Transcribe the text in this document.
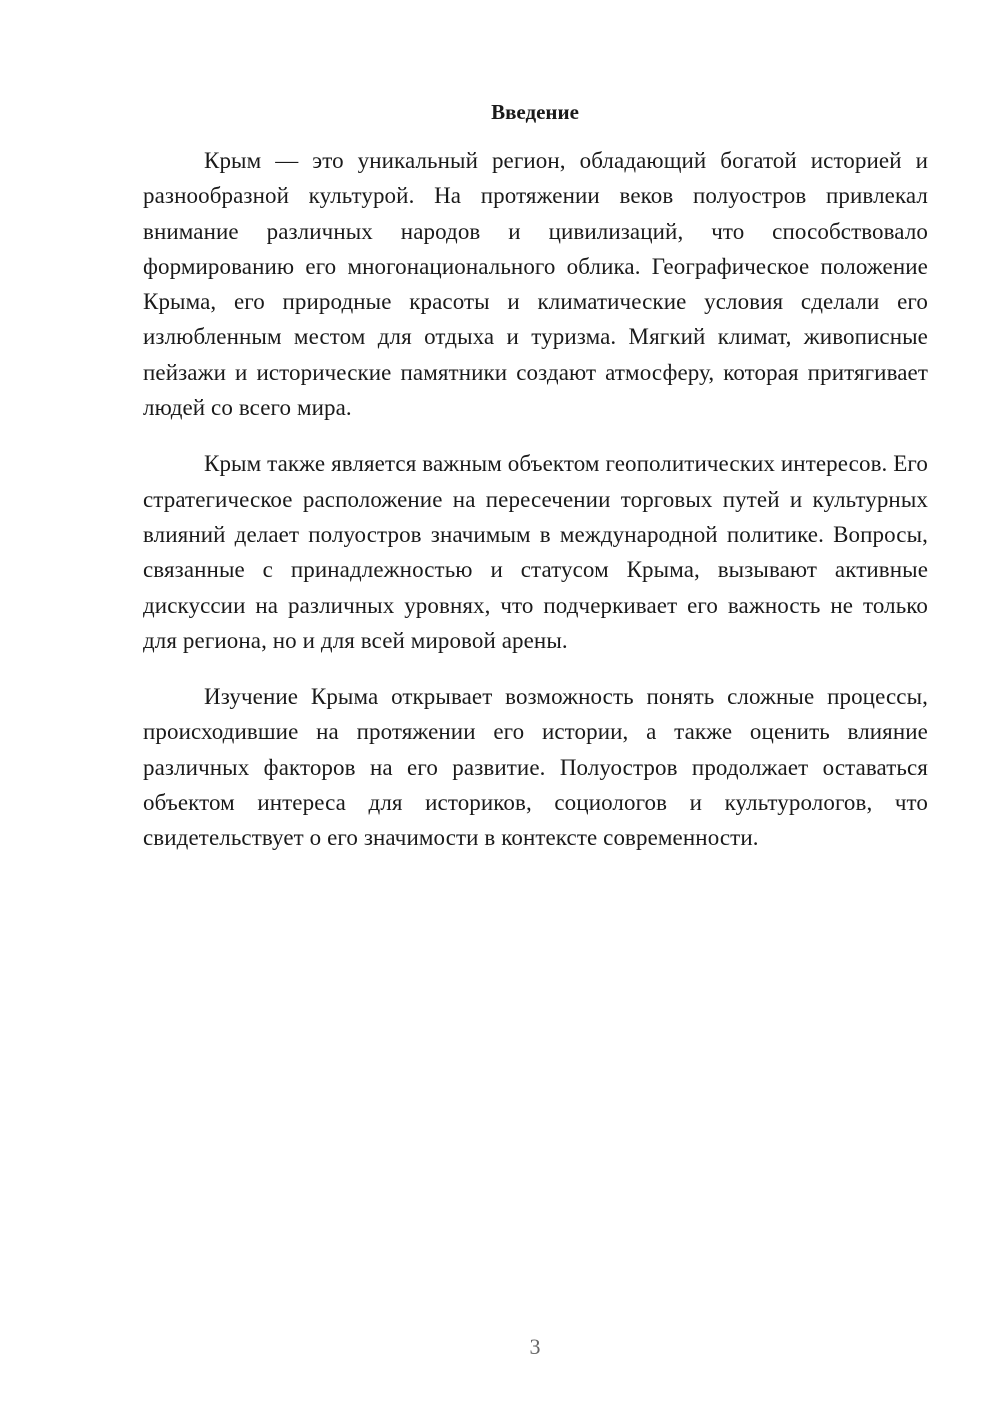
Введение

Крым — это уникальный регион, обладающий богатой историей и разнообразной культурой. На протяжении веков полуостров привлекал внимание различных народов и цивилизаций, что способствовало формированию его многонационального облика. Географическое положение Крыма, его природные красоты и климатические условия сделали его излюбленным местом для отдыха и туризма. Мягкий климат, живописные пейзажи и исторические памятники создают атмосферу, которая притягивает людей со всего мира.

Крым также является важным объектом геополитических интересов. Его стратегическое расположение на пересечении торговых путей и культурных влияний делает полуостров значимым в международной политике. Вопросы, связанные с принадлежностью и статусом Крыма, вызывают активные дискуссии на различных уровнях, что подчеркивает его важность не только для региона, но и для всей мировой арены.

Изучение Крыма открывает возможность понять сложные процессы, происходившие на протяжении его истории, а также оценить влияние различных факторов на его развитие. Полуостров продолжает оставаться объектом интереса для историков, социологов и культурологов, что свидетельствует о его значимости в контексте современности.

3
